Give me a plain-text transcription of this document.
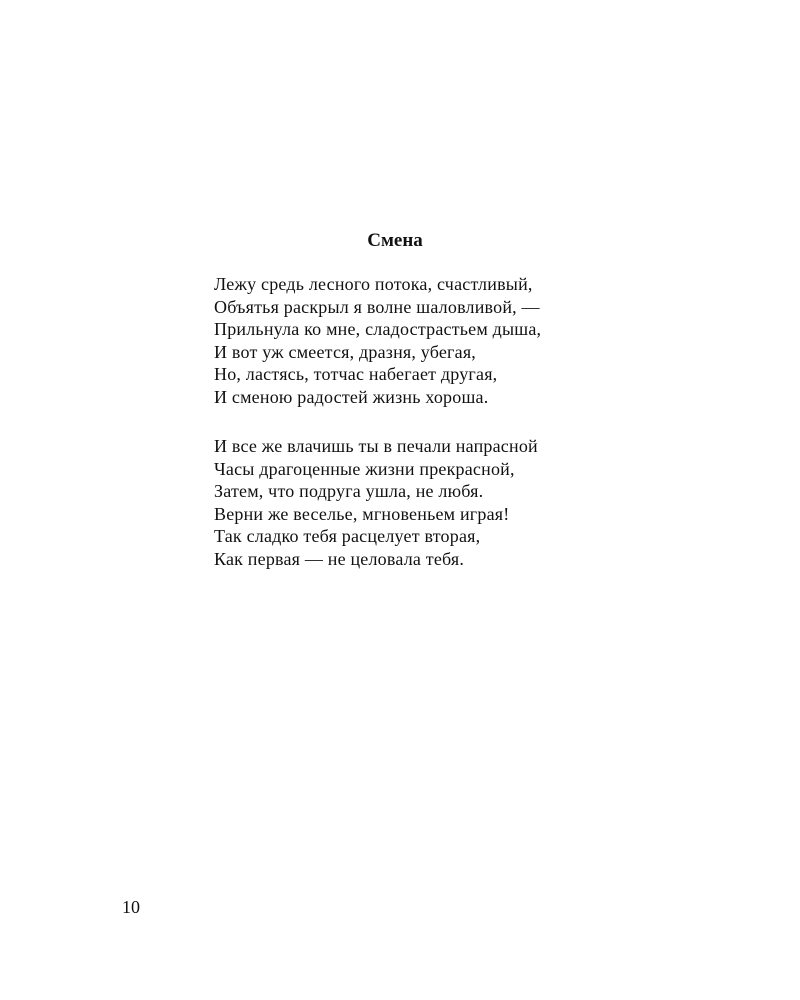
Смена
Лежу средь лесного потока, счастливый,
Объятья раскрыл я волне шаловливой, —
Прильнула ко мне, сладострастьем дыша,
И вот уж смеется, дразня, убегая,
Но, ластясь, тотчас набегает другая,
И сменою радостей жизнь хороша.
И все же влачишь ты в печали напрасной
Часы драгоценные жизни прекрасной,
Затем, что подруга ушла, не любя.
Верни же веселье, мгновеньем играя!
Так сладко тебя расцелует вторая,
Как первая — не целовала тебя.
10
